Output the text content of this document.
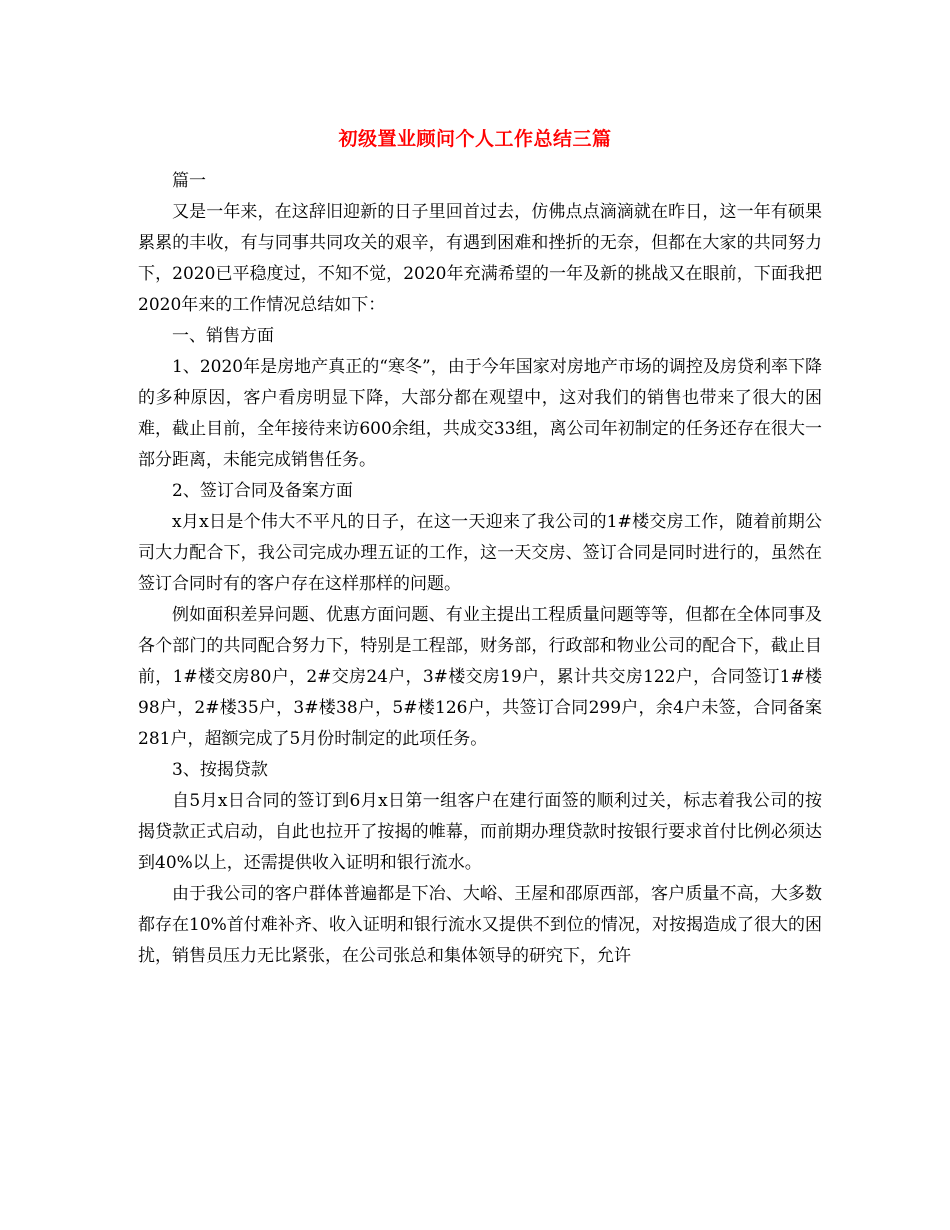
初级置业顾问个人工作总结三篇

篇一

又是一年来，在这辞旧迎新的日子里回首过去，仿佛点点滴滴就在昨日，这一年有硕果累累的丰收，有与同事共同攻关的艰辛，有遇到困难和挫折的无奈，但都在大家的共同努力下，2020已平稳度过，不知不觉，2020年充满希望的一年及新的挑战又在眼前，下面我把2020年来的工作情况总结如下：

一、销售方面

1、2020年是房地产真正的“寒冬”，由于今年国家对房地产市场的调控及房贷利率下降的多种原因，客户看房明显下降，大部分都在观望中，这对我们的销售也带来了很大的困难，截止目前，全年接待来访600余组，共成交33组，离公司年初制定的任务还存在很大一部分距离，未能完成销售任务。

2、签订合同及备案方面

x月x日是个伟大不平凡的日子，在这一天迎来了我公司的1#楼交房工作，随着前期公司大力配合下，我公司完成办理五证的工作，这一天交房、签订合同是同时进行的，虽然在签订合同时有的客户存在这样那样的问题。

例如面积差异问题、优惠方面问题、有业主提出工程质量问题等等，但都在全体同事及各个部门的共同配合努力下，特别是工程部，财务部，行政部和物业公司的配合下，截止目前，1#楼交房80户，2#交房24户，3#楼交房19户，累计共交房122户，合同签订1#楼98户，2#楼35户，3#楼38户，5#楼126户，共签订合同299户，余4户未签，合同备案281户，超额完成了5月份时制定的此项任务。

3、按揭贷款

自5月x日合同的签订到6月x日第一组客户在建行面签的顺利过关，标志着我公司的按揭贷款正式启动，自此也拉开了按揭的帷幕，而前期办理贷款时按银行要求首付比例必须达到40%以上，还需提供收入证明和银行流水。

由于我公司的客户群体普遍都是下冶、大峪、王屋和邵原西部，客户质量不高，大多数都存在10%首付难补齐、收入证明和银行流水又提供不到位的情况，对按揭造成了很大的困扰，销售员压力无比紧张，在公司张总和集体领导的研究下，允许
